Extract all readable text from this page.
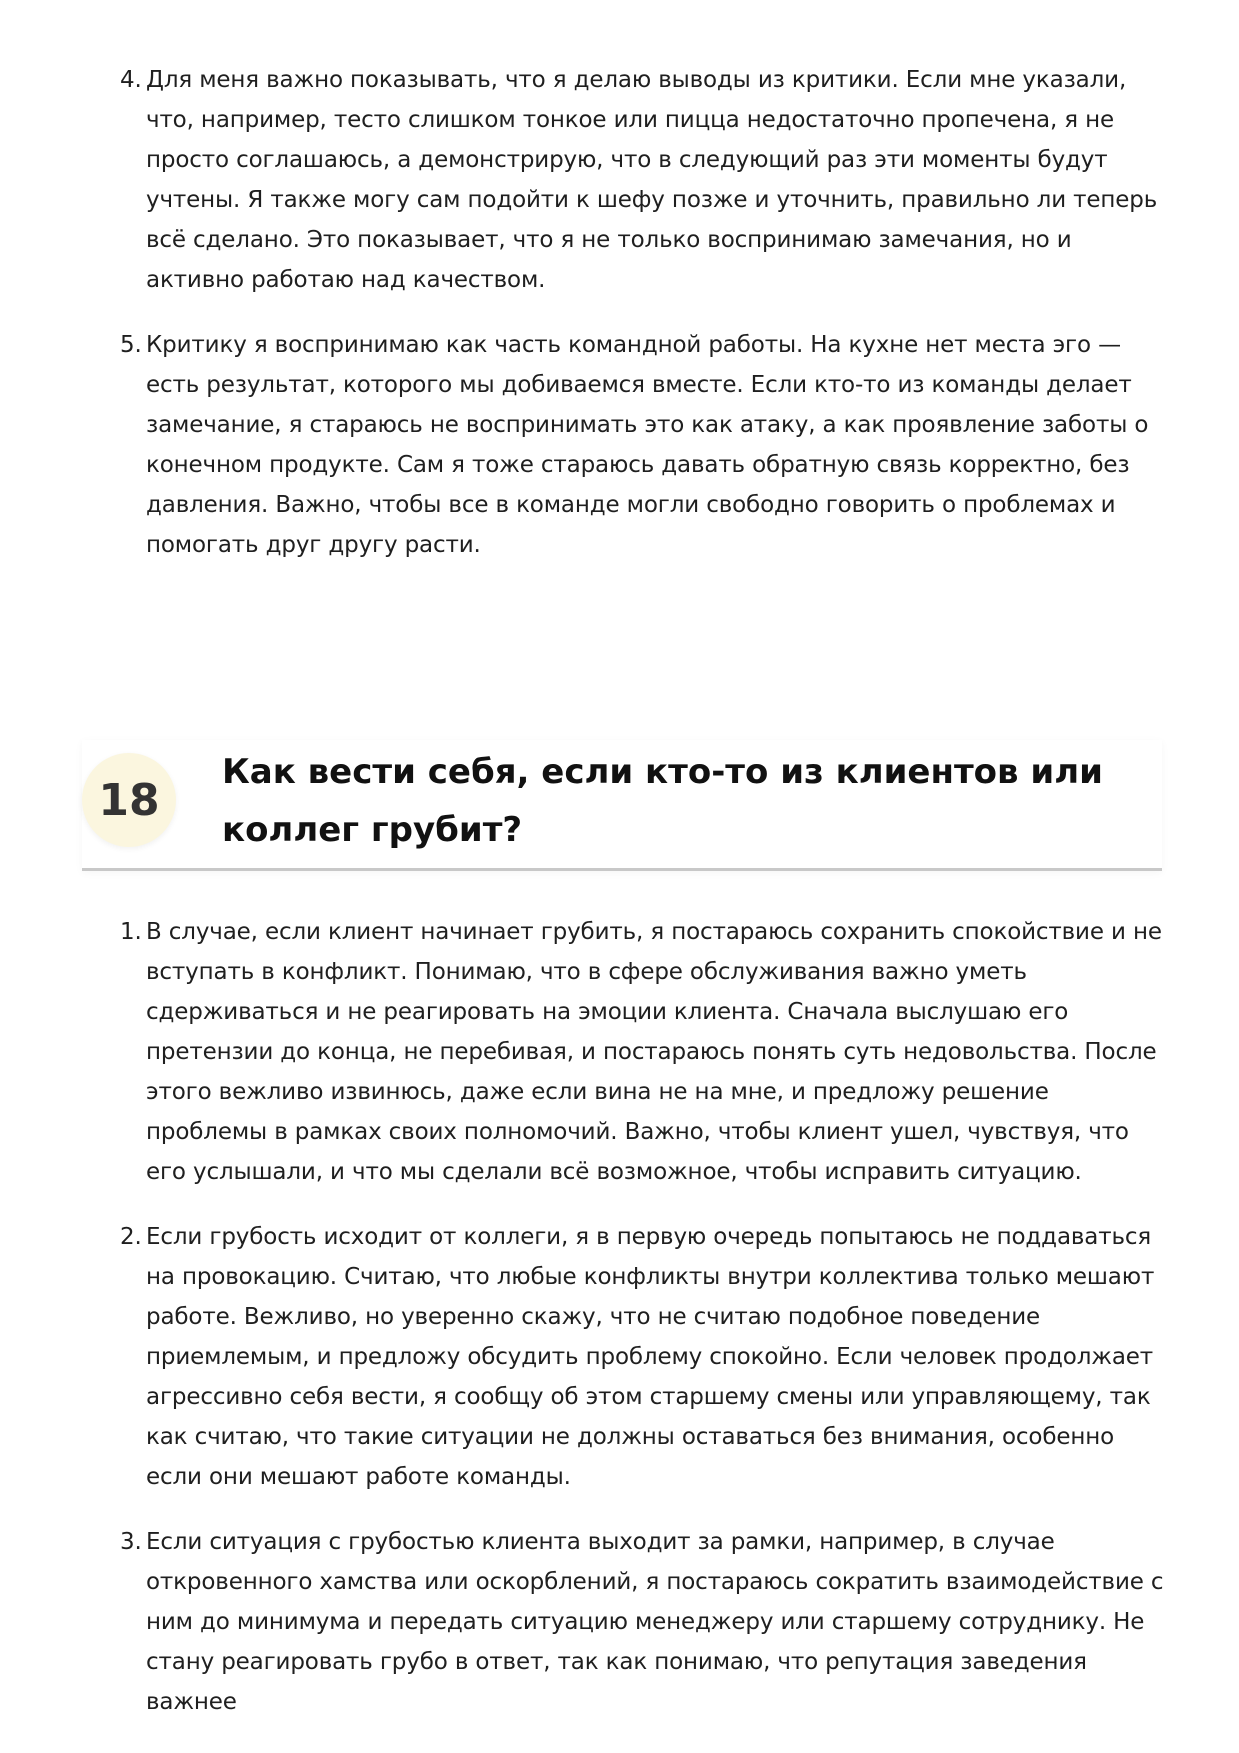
4. Для меня важно показывать, что я делаю выводы из критики. Если мне указали, что, например, тесто слишком тонкое или пицца недостаточно пропечена, я не просто соглашаюсь, а демонстрирую, что в следующий раз эти моменты будут учтены. Я также могу сам подойти к шефу позже и уточнить, правильно ли теперь всё сделано. Это показывает, что я не только воспринимаю замечания, но и активно работаю над качеством.
5. Критику я воспринимаю как часть командной работы. На кухне нет места эго — есть результат, которого мы добиваемся вместе. Если кто-то из команды делает замечание, я стараюсь не воспринимать это как атаку, а как проявление заботы о конечном продукте. Сам я тоже стараюсь давать обратную связь корректно, без давления. Важно, чтобы все в команде могли свободно говорить о проблемах и помогать друг другу расти.
18
Как вести себя, если кто-то из клиентов или коллег грубит?
1. В случае, если клиент начинает грубить, я постараюсь сохранить спокойствие и не вступать в конфликт. Понимаю, что в сфере обслуживания важно уметь сдерживаться и не реагировать на эмоции клиента. Сначала выслушаю его претензии до конца, не перебивая, и постараюсь понять суть недовольства. После этого вежливо извинюсь, даже если вина не на мне, и предложу решение проблемы в рамках своих полномочий. Важно, чтобы клиент ушел, чувствуя, что его услышали, и что мы сделали всё возможное, чтобы исправить ситуацию.
2. Если грубость исходит от коллеги, я в первую очередь попытаюсь не поддаваться на провокацию. Считаю, что любые конфликты внутри коллектива только мешают работе. Вежливо, но уверенно скажу, что не считаю подобное поведение приемлемым, и предложу обсудить проблему спокойно. Если человек продолжает агрессивно себя вести, я сообщу об этом старшему смены или управляющему, так как считаю, что такие ситуации не должны оставаться без внимания, особенно если они мешают работе команды.
3. Если ситуация с грубостью клиента выходит за рамки, например, в случае откровенного хамства или оскорблений, я постараюсь сократить взаимодействие с ним до минимума и передать ситуацию менеджеру или старшему сотруднику. Не стану реагировать грубо в ответ, так как понимаю, что репутация заведения важнее
